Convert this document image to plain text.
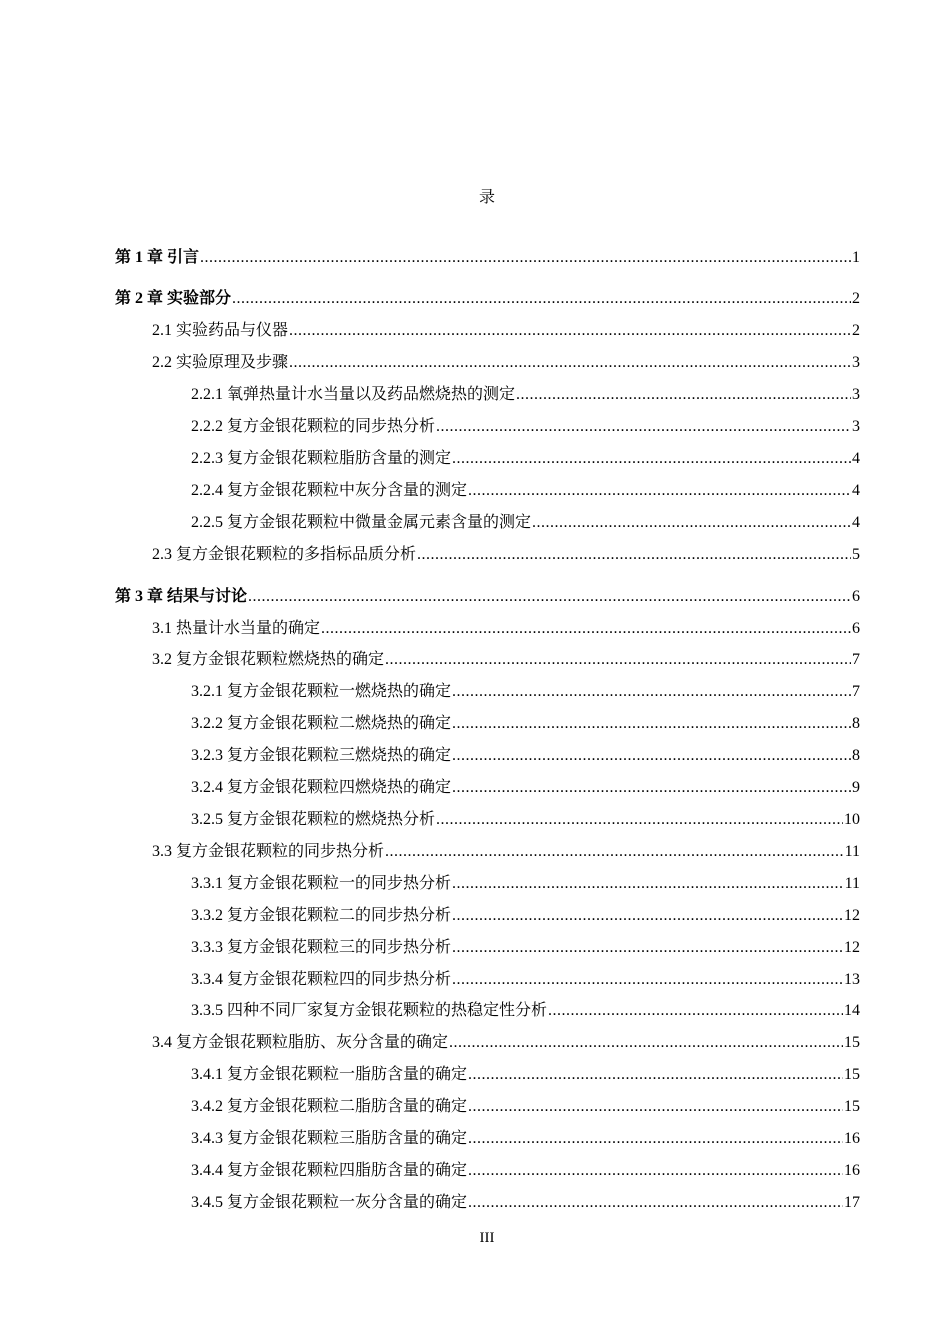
录
第 1 章 引言 .....	1
第 2 章 实验部分 .....	2
2.1 实验药品与仪器 .....	2
2.2 实验原理及步骤 .....	3
2.2.1 氧弹热量计水当量以及药品燃烧热的测定 .....	3
2.2.2 复方金银花颗粒的同步热分析 .....	3
2.2.3 复方金银花颗粒脂肪含量的测定 .....	4
2.2.4 复方金银花颗粒中灰分含量的测定 .....	4
2.2.5 复方金银花颗粒中微量金属元素含量的测定 .....	4
2.3 复方金银花颗粒的多指标品质分析 .....	5
第 3 章 结果与讨论 .....	6
3.1 热量计水当量的确定 .....	6
3.2 复方金银花颗粒燃烧热的确定 .....	7
3.2.1 复方金银花颗粒一燃烧热的确定 .....	7
3.2.2 复方金银花颗粒二燃烧热的确定 .....	8
3.2.3 复方金银花颗粒三燃烧热的确定 .....	8
3.2.4 复方金银花颗粒四燃烧热的确定 .....	9
3.2.5 复方金银花颗粒的燃烧热分析 .....	10
3.3 复方金银花颗粒的同步热分析 .....	11
3.3.1 复方金银花颗粒一的同步热分析 .....	11
3.3.2 复方金银花颗粒二的同步热分析 .....	12
3.3.3 复方金银花颗粒三的同步热分析 .....	12
3.3.4 复方金银花颗粒四的同步热分析 .....	13
3.3.5 四种不同厂家复方金银花颗粒的热稳定性分析 .....	14
3.4 复方金银花颗粒脂肪、灰分含量的确定 .....	15
3.4.1 复方金银花颗粒一脂肪含量的确定 .....	15
3.4.2 复方金银花颗粒二脂肪含量的确定 .....	15
3.4.3 复方金银花颗粒三脂肪含量的确定 .....	16
3.4.4 复方金银花颗粒四脂肪含量的确定 .....	16
3.4.5 复方金银花颗粒一灰分含量的确定 .....	17
III
